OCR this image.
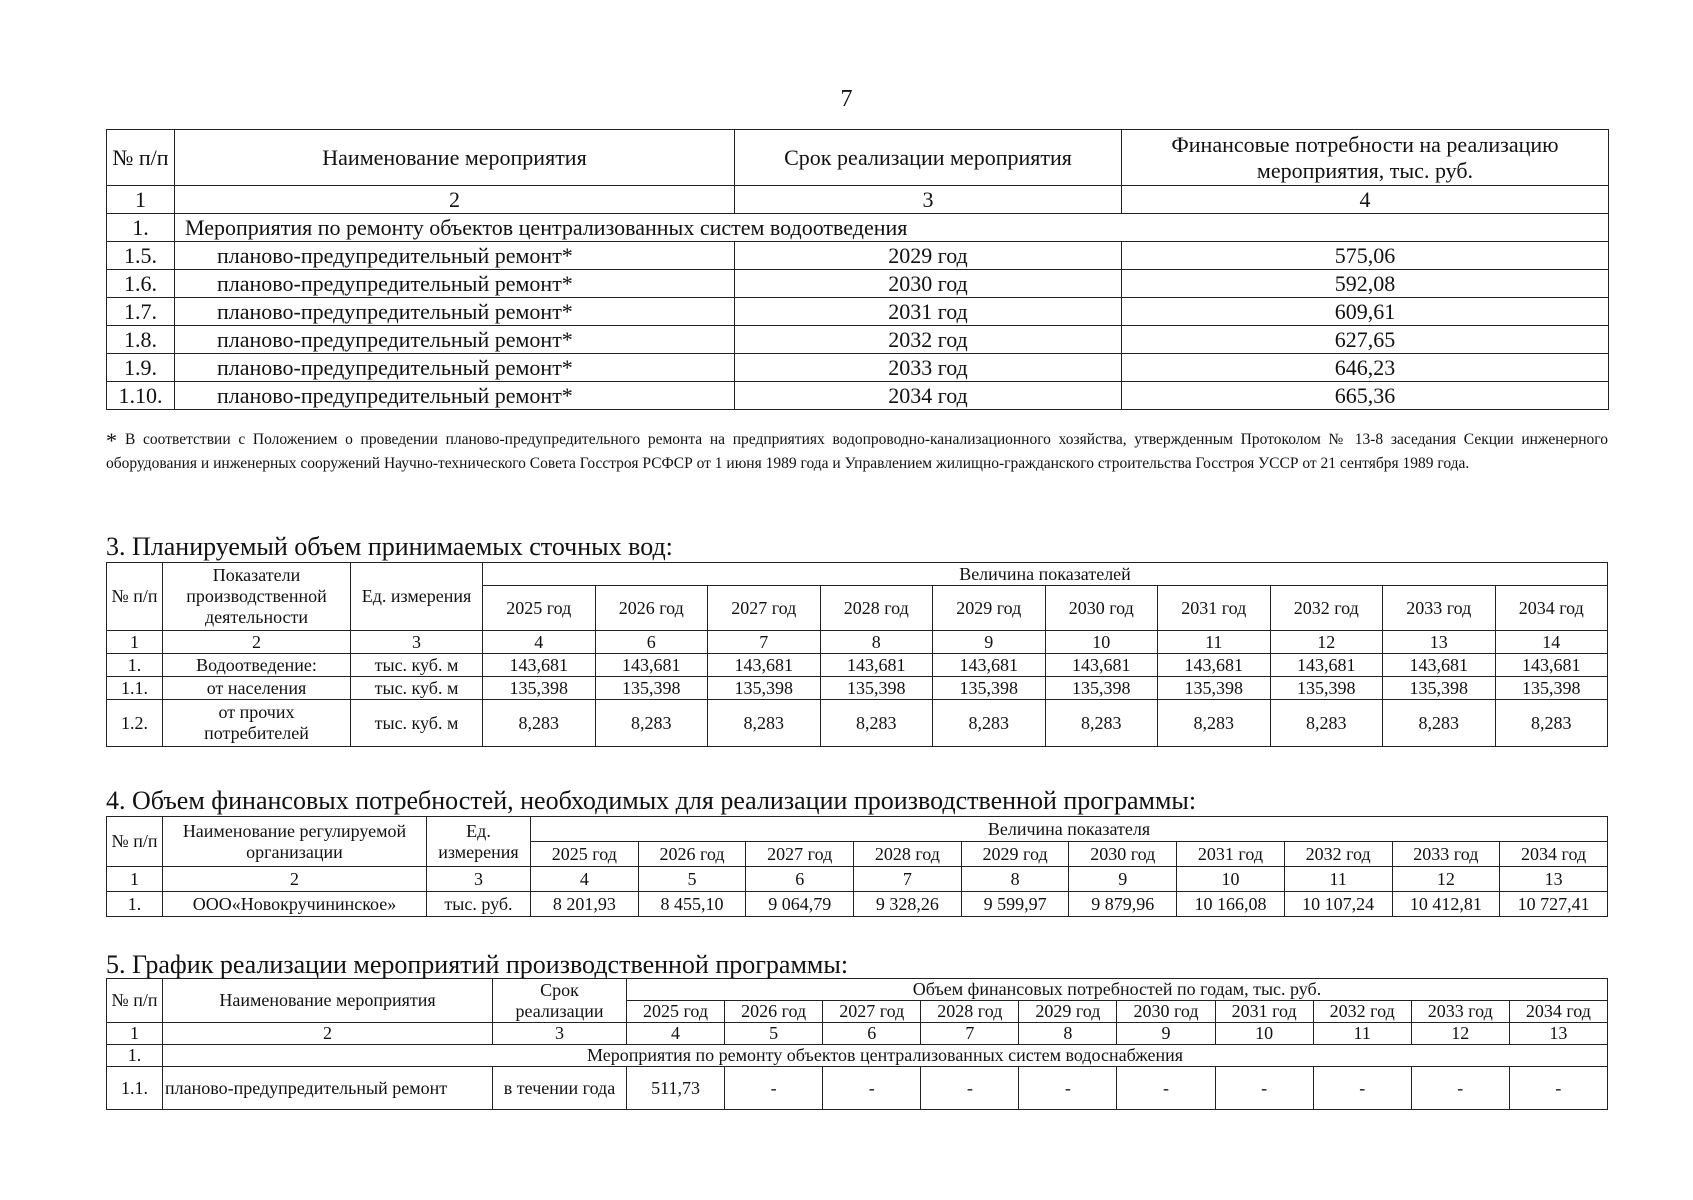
7
№ п/п	Наименование мероприятия	Срок реализации мероприятия	Финансовые потребности на реализацию мероприятия, тыс. руб.
1	2	3	4
1.	Мероприятия по ремонту объектов централизованных систем водоотведения		
1.5.	планово-предупредительный ремонт*	2029 год	575,06
1.6.	планово-предупредительный ремонт*	2030 год	592,08
1.7.	планово-предупредительный ремонт*	2031 год	609,61
1.8.	планово-предупредительный ремонт*	2032 год	627,65
1.9.	планово-предупредительный ремонт*	2033 год	646,23
1.10.	планово-предупредительный ремонт*	2034 год	665,36
* В соответствии с Положением о проведении планово-предупредительного ремонта на предприятиях водопроводно-канализационного хозяйства, утвержденным Протоколом № 13-8 заседания Секции инженерного оборудования и инженерных сооружений Научно-технического Совета Госстроя РСФСР от 1 июня 1989 года и Управлением жилищно-гражданского строительства Госстроя УССР от 21 сентября 1989 года.
3. Планируемый объем принимаемых сточных вод:
№ п/п	Показатели производственной деятельности	Ед. измерения	Величина показателей									
			2025 год	2026 год	2027 год	2028 год	2029 год	2030 год	2031 год	2032 год	2033 год	2034 год
1	2	3	4	6	7	8	9	10	11	12	13	14
1.	Водоотведение:	тыс. куб. м	143,681	143,681	143,681	143,681	143,681	143,681	143,681	143,681	143,681	143,681
1.1.	от населения	тыс. куб. м	135,398	135,398	135,398	135,398	135,398	135,398	135,398	135,398	135,398	135,398
1.2.	от прочих потребителей	тыс. куб. м	8,283	8,283	8,283	8,283	8,283	8,283	8,283	8,283	8,283	8,283
4. Объем финансовых потребностей, необходимых для реализации производственной программы:
№ п/п	Наименование регулируемой организации	Ед. измерения	Величина показателя									
			2025 год	2026 год	2027 год	2028 год	2029 год	2030 год	2031 год	2032 год	2033 год	2034 год
1	2	3	4	5	6	7	8	9	10	11	12	13
1.	ООО«Новокручининское»	тыс. руб.	8 201,93	8 455,10	9 064,79	9 328,26	9 599,97	9 879,96	10 166,08	10 107,24	10 412,81	10 727,41
5. График реализации мероприятий производственной программы:
№ п/п	Наименование мероприятия	Срок реализации	Объем финансовых потребностей по годам, тыс. руб.									
			2025 год	2026 год	2027 год	2028 год	2029 год	2030 год	2031 год	2032 год	2033 год	2034 год
1	2	3	4	5	6	7	8	9	10	11	12	13
1.	Мероприятия по ремонту объектов централизованных систем водоснабжения											
1.1.	планово-предупредительный ремонт	в течении года	511,73	-	-	-	-	-	-	-	-	-
